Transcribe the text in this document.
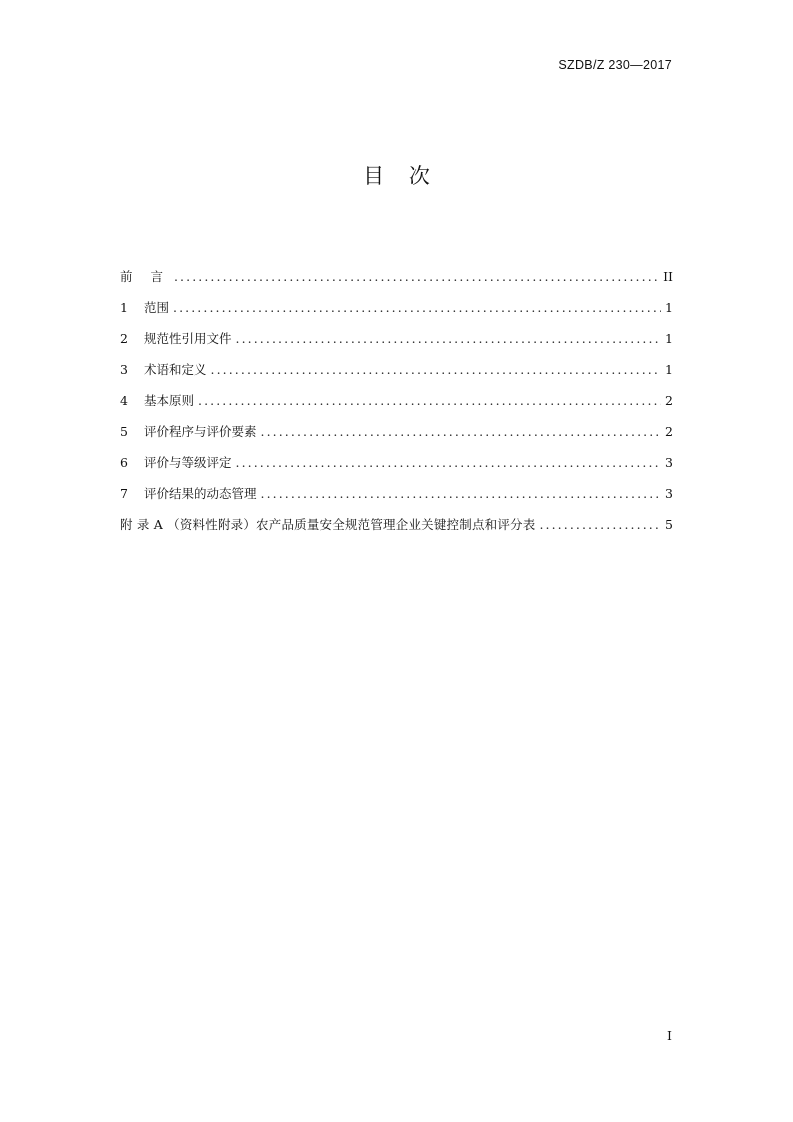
SZDB/Z 230—2017
目 次
前 言 .....	II
1	范围 .....	1
2	规范性引用文件 .....	1
3	术语和定义 .....	1
4	基本原则 .....	2
5	评价程序与评价要素 .....	2
6	评价与等级评定 .....	3
7	评价结果的动态管理 .....	3
附 录 A （资料性附录）农产品质量安全规范管理企业关键控制点和评分表 .....	5
I
